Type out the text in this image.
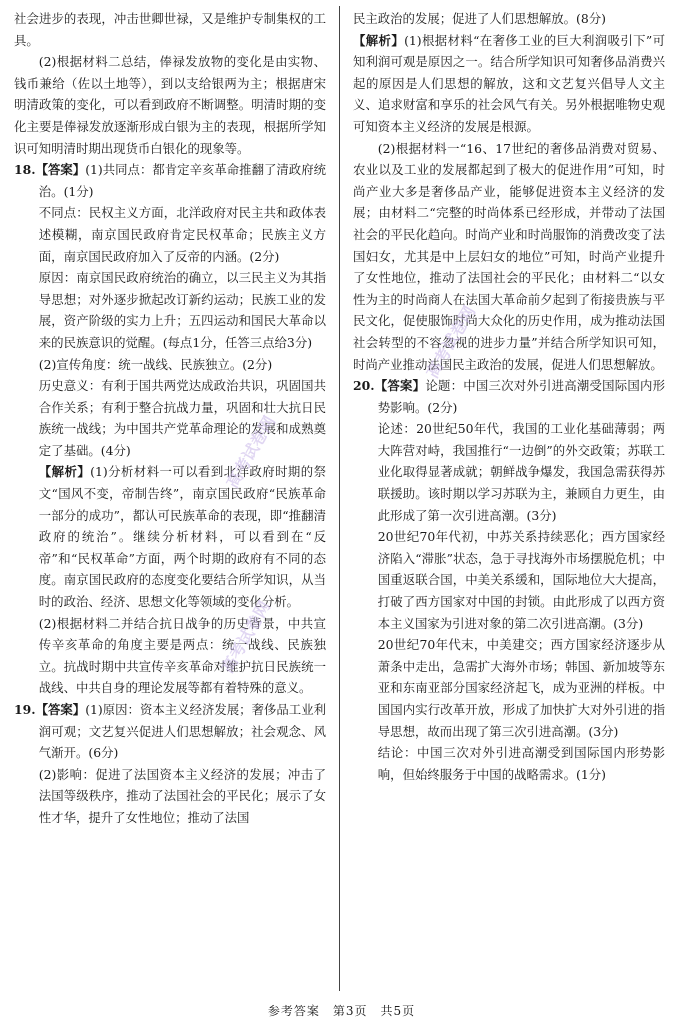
社会进步的表现，冲击世卿世禄，又是维护专制集权的工具。

(2)根据材料二总结，俸禄发放物的变化是由实物、钱币兼给（佐以土地等），到以支给银两为主；根据唐宋明清政策的变化，可以看到政府不断调整。明清时期的变化主要是俸禄发放逐渐形成白银为主的表现，根据所学知识可知明清时期出现货币白银化的现象等。

18.【答案】(1)共同点：都肯定辛亥革命推翻了清政府统治。(1分)

不同点：民权主义方面，北洋政府对民主共和政体表述模糊，南京国民政府肯定民权革命；民族主义方面，南京国民政府加入了反帝的内涵。(2分)

原因：南京国民政府统治的确立，以三民主义为其指导思想；对外逐步掀起改订新约运动；民族工业的发展，资产阶级的实力上升；五四运动和国民大革命以来的民族意识的觉醒。(每点1分，任答三点给3分)

(2)宣传角度：统一战线、民族独立。(2分)

历史意义：有利于国共两党达成政治共识，巩固国共合作关系；有利于整合抗战力量，巩固和壮大抗日民族统一战线；为中国共产党革命理论的发展和成熟奠定了基础。(4分)

【解析】(1)分析材料一可以看到北洋政府时期的祭文“国风不变，帝制告终”，南京国民政府“民族革命一部分的成功”，都认可民族革命的表现，即“推翻清政府的统治”。继续分析材料，可以看到在“反帝”和“民权革命”方面，两个时期的政府有不同的态度。南京国民政府的态度变化要结合所学知识，从当时的政治、经济、思想文化等领域的变化分析。

(2)根据材料二并结合抗日战争的历史背景，中共宣传辛亥革命的角度主要是两点：统一战线、民族独立。抗战时期中共宣传辛亥革命对维护抗日民族统一战线、中共自身的理论发展等都有着特殊的意义。

19.【答案】(1)原因：资本主义经济发展；奢侈品工业利润可观；文艺复兴促进人们思想解放；社会观念、风气渐开。(6分)

(2)影响：促进了法国资本主义经济的发展；冲击了法国等级秩序，推动了法国社会的平民化；展示了女性才华，提升了女性地位；推动了法国

民主政治的发展；促进了人们思想解放。(8分)

【解析】(1)根据材料“在奢侈工业的巨大利润吸引下”可知利润可观是原因之一。结合所学知识可知奢侈品消费兴起的原因是人们思想的解放，这和文艺复兴倡导人文主义、追求财富和享乐的社会风气有关。另外根据唯物史观可知资本主义经济的发展是根源。

(2)根据材料一“16、17世纪的奢侈品消费对贸易、农业以及工业的发展都起到了极大的促进作用”可知，时尚产业大多是奢侈品产业，能够促进资本主义经济的发展；由材料二“完整的时尚体系已经形成，并带动了法国社会的平民化趋向。时尚产业和时尚服饰的消费改变了法国妇女，尤其是中上层妇女的地位”可知，时尚产业提升了女性地位，推动了法国社会的平民化；由材料二“以女性为主的时尚商人在法国大革命前夕起到了衔接贵族与平民文化，促使服饰时尚大众化的历史作用，成为推动法国社会转型的不容忽视的进步力量”并结合所学知识可知，时尚产业推动法国民主政治的发展，促进人们思想解放。

20.【答案】论题：中国三次对外引进高潮受国际国内形势影响。(2分)

论述：20世纪50年代，我国的工业化基础薄弱；两大阵营对峙，我国推行“一边倒”的外交政策；苏联工业化取得显著成就；朝鲜战争爆发，我国急需获得苏联援助。该时期以学习苏联为主，兼顾自力更生，由此形成了第一次引进高潮。(3分)

20世纪70年代初，中苏关系持续恶化；西方国家经济陷入“滞胀”状态，急于寻找海外市场摆脱危机；中国重返联合国，中美关系缓和，国际地位大大提高，打破了西方国家对中国的封锁。由此形成了以西方资本主义国家为引进对象的第二次引进高潮。(3分)

20世纪70年代末，中美建交；西方国家经济逐步从萧条中走出，急需扩大海外市场；韩国、新加坡等东亚和东南亚部分国家经济起飞，成为亚洲的样板。中国国内实行改革开放，形成了加快扩大对外引进的指导思想，故而出现了第三次引进高潮。(3分)

结论：中国三次对外引进高潮受到国际国内形势影响，但始终服务于中国的战略需求。(1分)

高考试卷网
高考试卷网
高考试卷网
参考答案　第3页　共5页
